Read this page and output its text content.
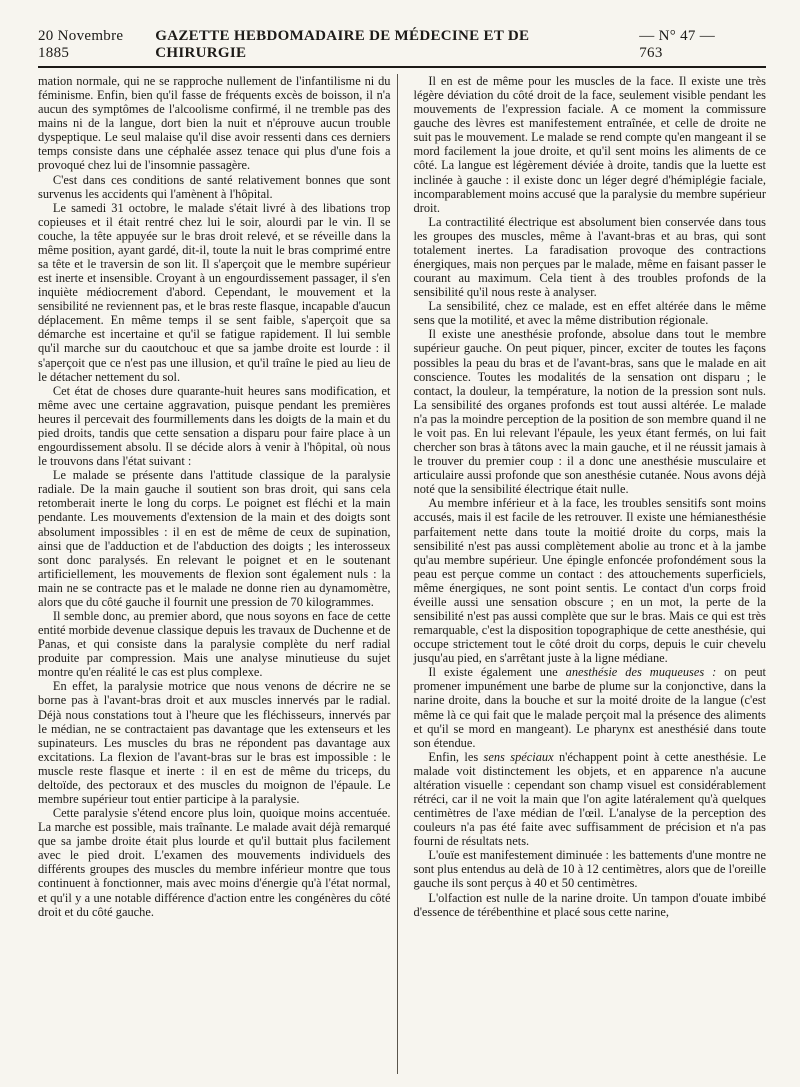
20 Novembre 1885
GAZETTE HEBDOMADAIRE DE MÉDECINE ET DE CHIRURGIE
— N° 47 — 763

mation normale, qui ne se rapproche nullement de l'infantilisme ni du féminisme. Enfin, bien qu'il fasse de fréquents excès de boisson, il n'a aucun des symptômes de l'alcoolisme confirmé, il ne tremble pas des mains ni de la langue, dort bien la nuit et n'éprouve aucun trouble dyspeptique. Le seul malaise qu'il dise avoir ressenti dans ces derniers temps consiste dans une céphalée assez tenace qui plus d'une fois a provoqué chez lui de l'insomnie passagère.

C'est dans ces conditions de santé relativement bonnes que sont survenus les accidents qui l'amènent à l'hôpital.

Le samedi 31 octobre, le malade s'était livré à des libations trop copieuses et il était rentré chez lui le soir, alourdi par le vin. Il se couche, la tête appuyée sur le bras droit relevé, et se réveille dans la même position, ayant gardé, dit-il, toute la nuit le bras comprimé entre sa tête et le traversin de son lit. Il s'aperçoit que le membre supérieur est inerte et insensible. Croyant à un engourdissement passager, il s'en inquiète médiocrement d'abord. Cependant, le mouvement et la sensibilité ne reviennent pas, et le bras reste flasque, incapable d'aucun déplacement. En même temps il se sent faible, s'aperçoit que sa démarche est incertaine et qu'il se fatigue rapidement. Il lui semble qu'il marche sur du caoutchouc et que sa jambe droite est lourde : il s'aperçoit que ce n'est pas une illusion, et qu'il traîne le pied au lieu de le détacher nettement du sol.

Cet état de choses dure quarante-huit heures sans modification, et même avec une certaine aggravation, puisque pendant les premières heures il percevait des fourmillements dans les doigts de la main et du pied droits, tandis que cette sensation a disparu pour faire place à un engourdissement absolu. Il se décide alors à venir à l'hôpital, où nous le trouvons dans l'état suivant :

Le malade se présente dans l'attitude classique de la paralysie radiale. De la main gauche il soutient son bras droit, qui sans cela retomberait inerte le long du corps. Le poignet est fléchi et la main pendante. Les mouvements d'extension de la main et des doigts sont absolument impossibles : il en est de même de ceux de supination, ainsi que de l'adduction et de l'abduction des doigts ; les interosseux sont donc paralysés. En relevant le poignet et en le soutenant artificiellement, les mouvements de flexion sont également nuls : la main ne se contracte pas et le malade ne donne rien au dynamomètre, alors que du côté gauche il fournit une pression de 70 kilogrammes.

Il semble donc, au premier abord, que nous soyons en face de cette entité morbide devenue classique depuis les travaux de Duchenne et de Panas, et qui consiste dans la paralysie complète du nerf radial produite par compression. Mais une analyse minutieuse du sujet montre qu'en réalité le cas est plus complexe.

En effet, la paralysie motrice que nous venons de décrire ne se borne pas à l'avant-bras droit et aux muscles innervés par le radial. Déjà nous constations tout à l'heure que les fléchisseurs, innervés par le médian, ne se contractaient pas davantage que les extenseurs et les supinateurs. Les muscles du bras ne répondent pas davantage aux excitations. La flexion de l'avant-bras sur le bras est impossible : le muscle reste flasque et inerte : il en est de même du triceps, du deltoïde, des pectoraux et des muscles du moignon de l'épaule. Le membre supérieur tout entier participe à la paralysie.

Cette paralysie s'étend encore plus loin, quoique moins accentuée. La marche est possible, mais traînante. Le malade avait déjà remarqué que sa jambe droite était plus lourde et qu'il buttait plus facilement avec le pied droit. L'examen des mouvements individuels des différents groupes des muscles du membre inférieur montre que tous continuent à fonctionner, mais avec moins d'énergie qu'à l'état normal, et qu'il y a une notable différence d'action entre les congénères du côté droit et du côté gauche.

Il en est de même pour les muscles de la face. Il existe une très légère déviation du côté droit de la face, seulement visible pendant les mouvements de l'expression faciale. A ce moment la commissure gauche des lèvres est manifestement entraînée, et celle de droite ne suit pas le mouvement. Le malade se rend compte qu'en mangeant il se mord facilement la joue droite, et qu'il sent moins les aliments de ce côté. La langue est légèrement déviée à droite, tandis que la luette est inclinée à gauche : il existe donc un léger degré d'hémiplégie faciale, incomparablement moins accusé que la paralysie du membre supérieur droit.

La contractilité électrique est absolument bien conservée dans tous les groupes des muscles, même à l'avant-bras et au bras, qui sont totalement inertes. La faradisation provoque des contractions énergiques, mais non perçues par le malade, même en faisant passer le courant au maximum. Cela tient à des troubles profonds de la sensibilité qu'il nous reste à analyser.

La sensibilité, chez ce malade, est en effet altérée dans le même sens que la motilité, et avec la même distribution régionale.

Il existe une anesthésie profonde, absolue dans tout le membre supérieur gauche. On peut piquer, pincer, exciter de toutes les façons possibles la peau du bras et de l'avant-bras, sans que le malade en ait conscience. Toutes les modalités de la sensation ont disparu ; le contact, la douleur, la température, la notion de la pression sont nuls. La sensibilité des organes profonds est tout aussi altérée. Le malade n'a pas la moindre perception de la position de son membre quand il ne le voit pas. En lui relevant l'épaule, les yeux étant fermés, on lui fait chercher son bras à tâtons avec la main gauche, et il ne réussit jamais à le trouver du premier coup : il a donc une anesthésie musculaire et articulaire aussi profonde que son anesthésie cutanée. Nous avons déjà noté que la sensibilité électrique était nulle.

Au membre inférieur et à la face, les troubles sensitifs sont moins accusés, mais il est facile de les retrouver. Il existe une hémianesthésie parfaitement nette dans toute la moitié droite du corps, mais la sensibilité n'est pas aussi complètement abolie au tronc et à la jambe qu'au membre supérieur. Une épingle enfoncée profondément sous la peau est perçue comme un contact : des attouchements superficiels, même énergiques, ne sont point sentis. Le contact d'un corps froid éveille aussi une sensation obscure ; en un mot, la perte de la sensibilité n'est pas aussi complète que sur le bras. Mais ce qui est très remarquable, c'est la disposition topographique de cette anesthésie, qui occupe strictement tout le côté droit du corps, depuis le cuir chevelu jusqu'au pied, en s'arrêtant juste à la ligne médiane.

Il existe également une anesthésie des muqueuses : on peut promener impunément une barbe de plume sur la conjonctive, dans la narine droite, dans la bouche et sur la moité droite de la langue (c'est même là ce qui fait que le malade perçoit mal la présence des aliments et qu'il se mord en mangeant). Le pharynx est anesthésié dans toute son étendue.

Enfin, les sens spéciaux n'échappent point à cette anesthésie. Le malade voit distinctement les objets, et en apparence n'a aucune altération visuelle : cependant son champ visuel est considérablement rétréci, car il ne voit la main que l'on agite latéralement qu'à quelques centimètres de l'axe médian de l'œil. L'analyse de la perception des couleurs n'a pas été faite avec suffisamment de précision et n'a pas fourni de résultats nets.

L'ouïe est manifestement diminuée : les battements d'une montre ne sont plus entendus au delà de 10 à 12 centimètres, alors que de l'oreille gauche ils sont perçus à 40 et 50 centimètres.

L'olfaction est nulle de la narine droite. Un tampon d'ouate imbibé d'essence de térébenthine et placé sous cette narine,
